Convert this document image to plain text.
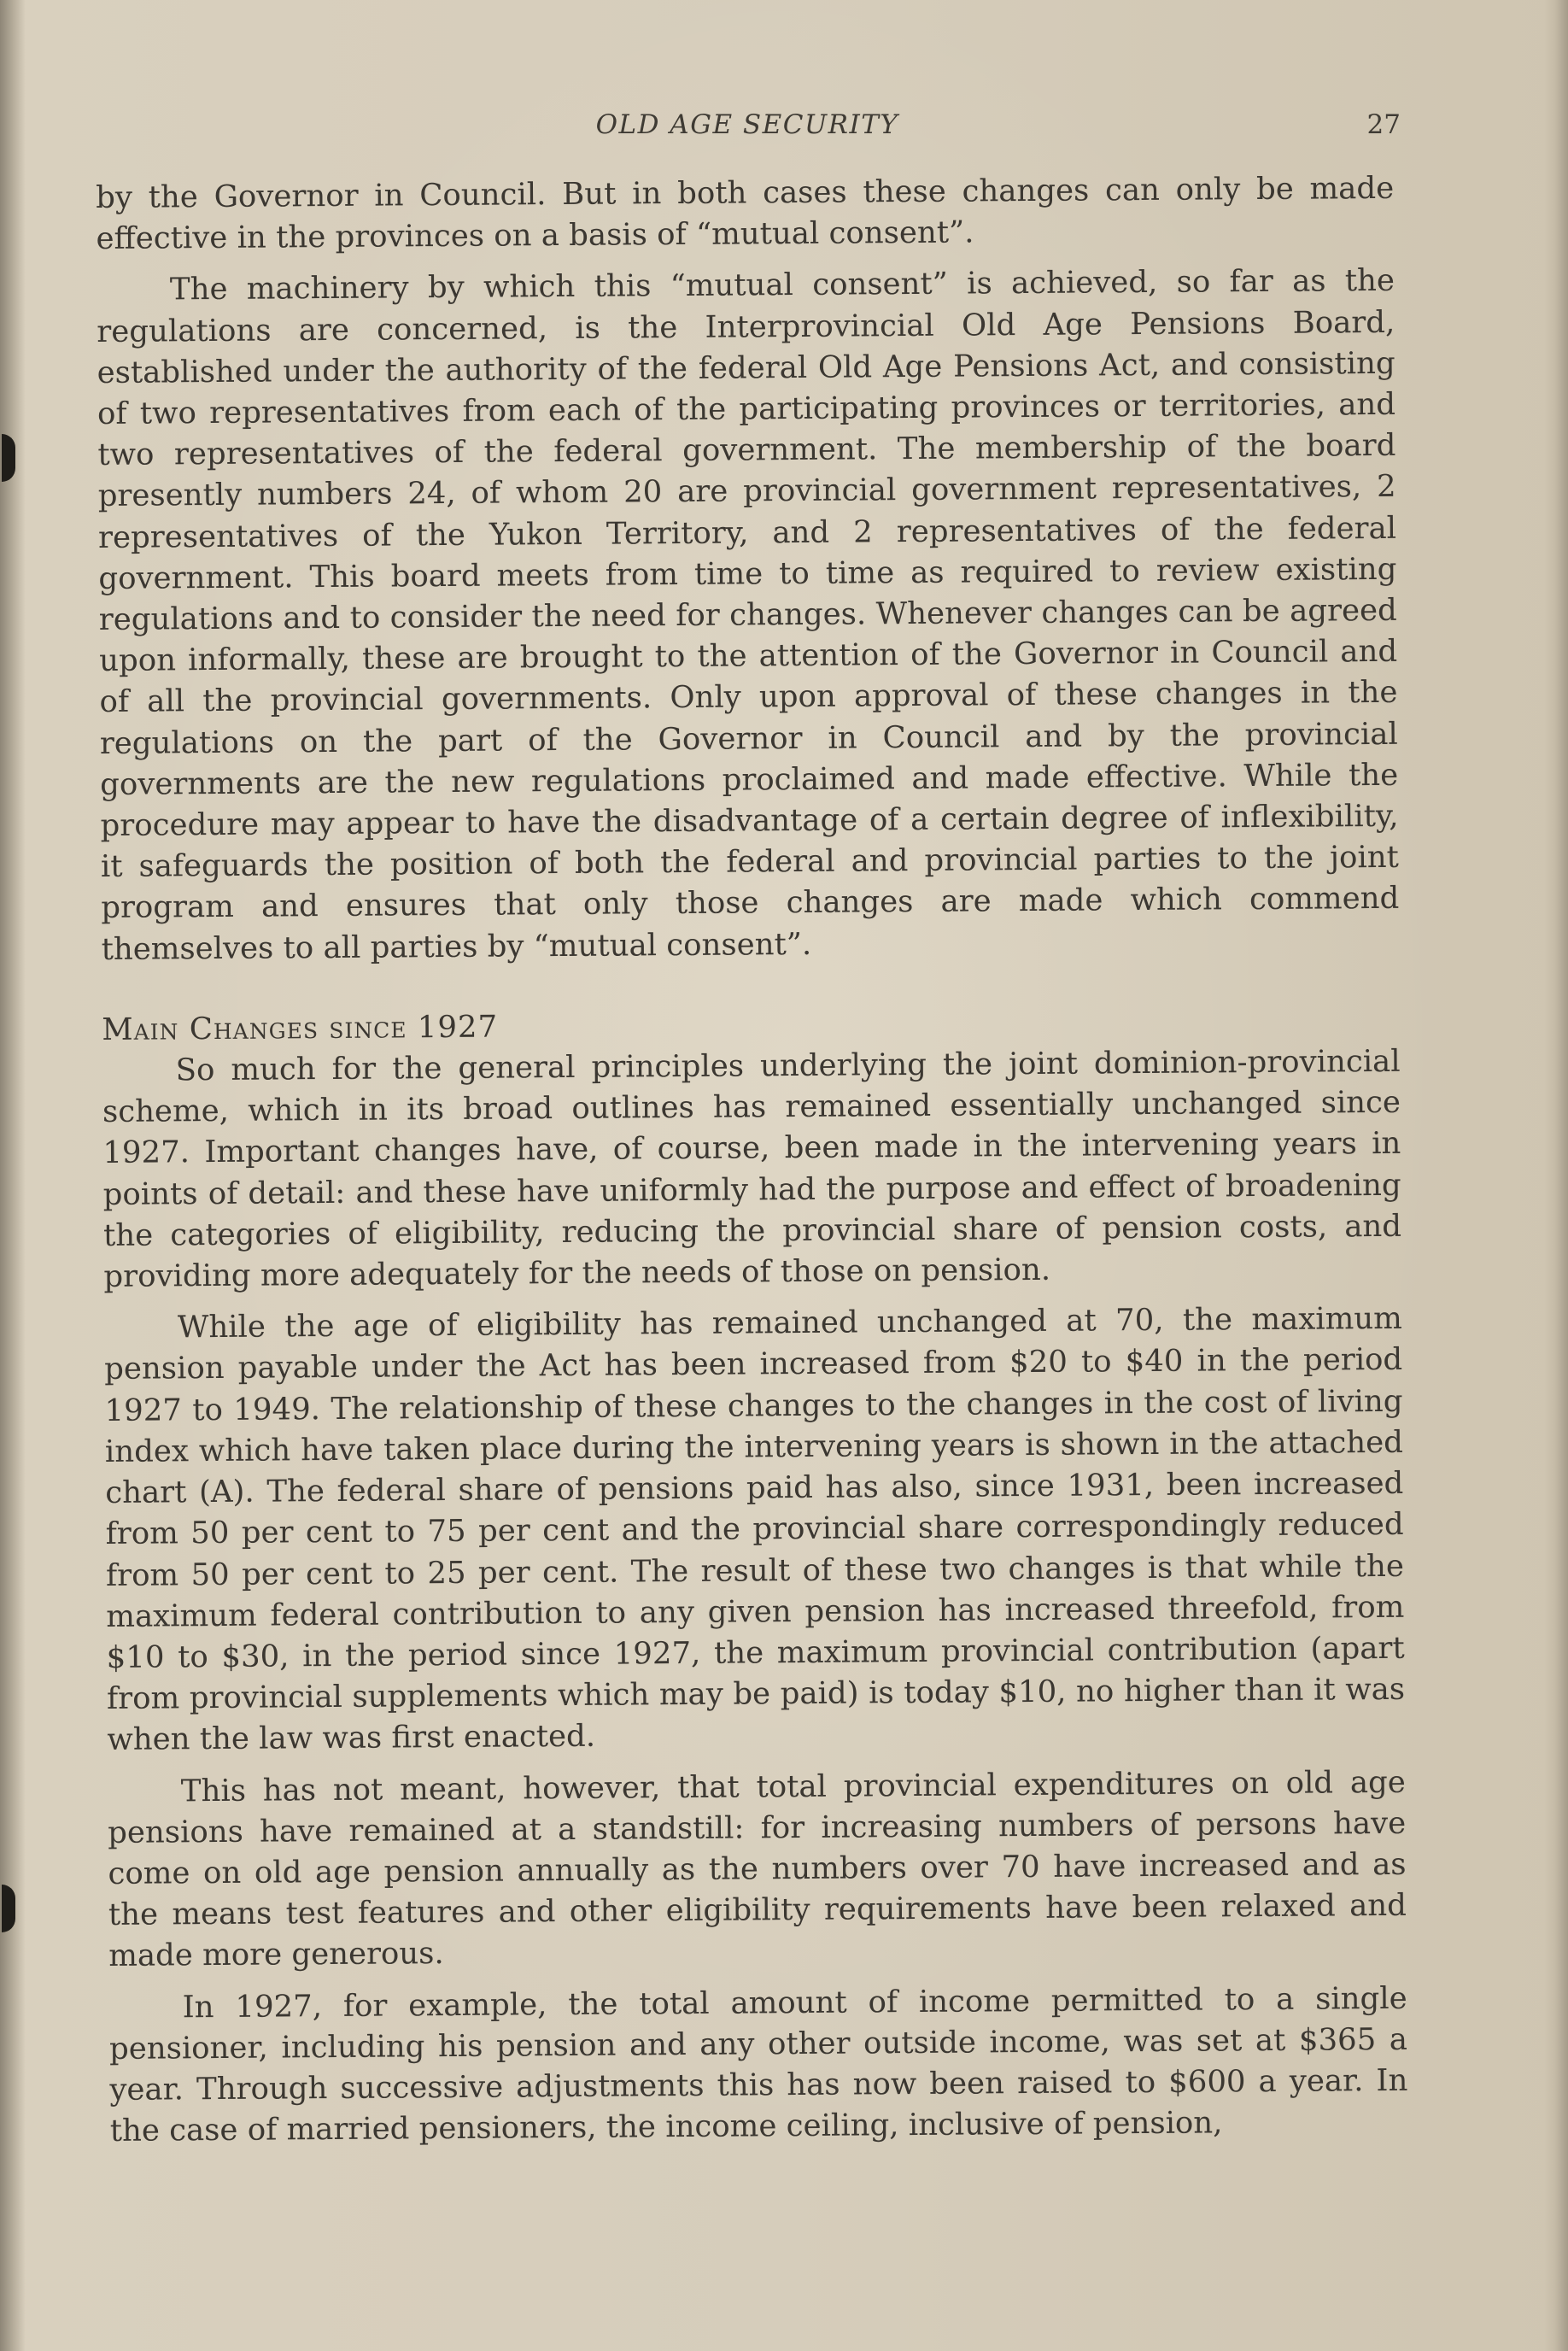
OLD AGE SECURITY	27

by the Governor in Council. But in both cases these changes can only be made effective in the provinces on a basis of “mutual consent”.

The machinery by which this “mutual consent” is achieved, so far as the regulations are concerned, is the Interprovincial Old Age Pensions Board, established under the authority of the federal Old Age Pensions Act, and consisting of two representatives from each of the participating provinces or territories, and two representatives of the federal government. The membership of the board presently numbers 24, of whom 20 are provincial government representatives, 2 representatives of the Yukon Territory, and 2 representatives of the federal government. This board meets from time to time as required to review existing regulations and to consider the need for changes. Whenever changes can be agreed upon informally, these are brought to the attention of the Governor in Council and of all the provincial governments. Only upon approval of these changes in the regulations on the part of the Governor in Council and by the provincial governments are the new regulations proclaimed and made effective. While the procedure may appear to have the disadvantage of a certain degree of inflexibility, it safeguards the position of both the federal and provincial parties to the joint program and ensures that only those changes are made which commend themselves to all parties by “mutual consent”.

Main Changes since 1927

So much for the general principles underlying the joint dominion-provincial scheme, which in its broad outlines has remained essentially unchanged since 1927. Important changes have, of course, been made in the intervening years in points of detail: and these have uniformly had the purpose and effect of broadening the categories of eligibility, reducing the provincial share of pension costs, and providing more adequately for the needs of those on pension.

While the age of eligibility has remained unchanged at 70, the maximum pension payable under the Act has been increased from $20 to $40 in the period 1927 to 1949. The relationship of these changes to the changes in the cost of living index which have taken place during the intervening years is shown in the attached chart (A). The federal share of pensions paid has also, since 1931, been increased from 50 per cent to 75 per cent and the provincial share correspondingly reduced from 50 per cent to 25 per cent. The result of these two changes is that while the maximum federal contribution to any given pension has increased threefold, from $10 to $30, in the period since 1927, the maximum provincial contribution (apart from provincial supplements which may be paid) is today $10, no higher than it was when the law was first enacted.

This has not meant, however, that total provincial expenditures on old age pensions have remained at a standstill: for increasing numbers of persons have come on old age pension annually as the numbers over 70 have increased and as the means test features and other eligibility requirements have been relaxed and made more generous.

In 1927, for example, the total amount of income permitted to a single pensioner, including his pension and any other outside income, was set at $365 a year. Through successive adjustments this has now been raised to $600 a year. In the case of married pensioners, the income ceiling, inclusive of pension,
